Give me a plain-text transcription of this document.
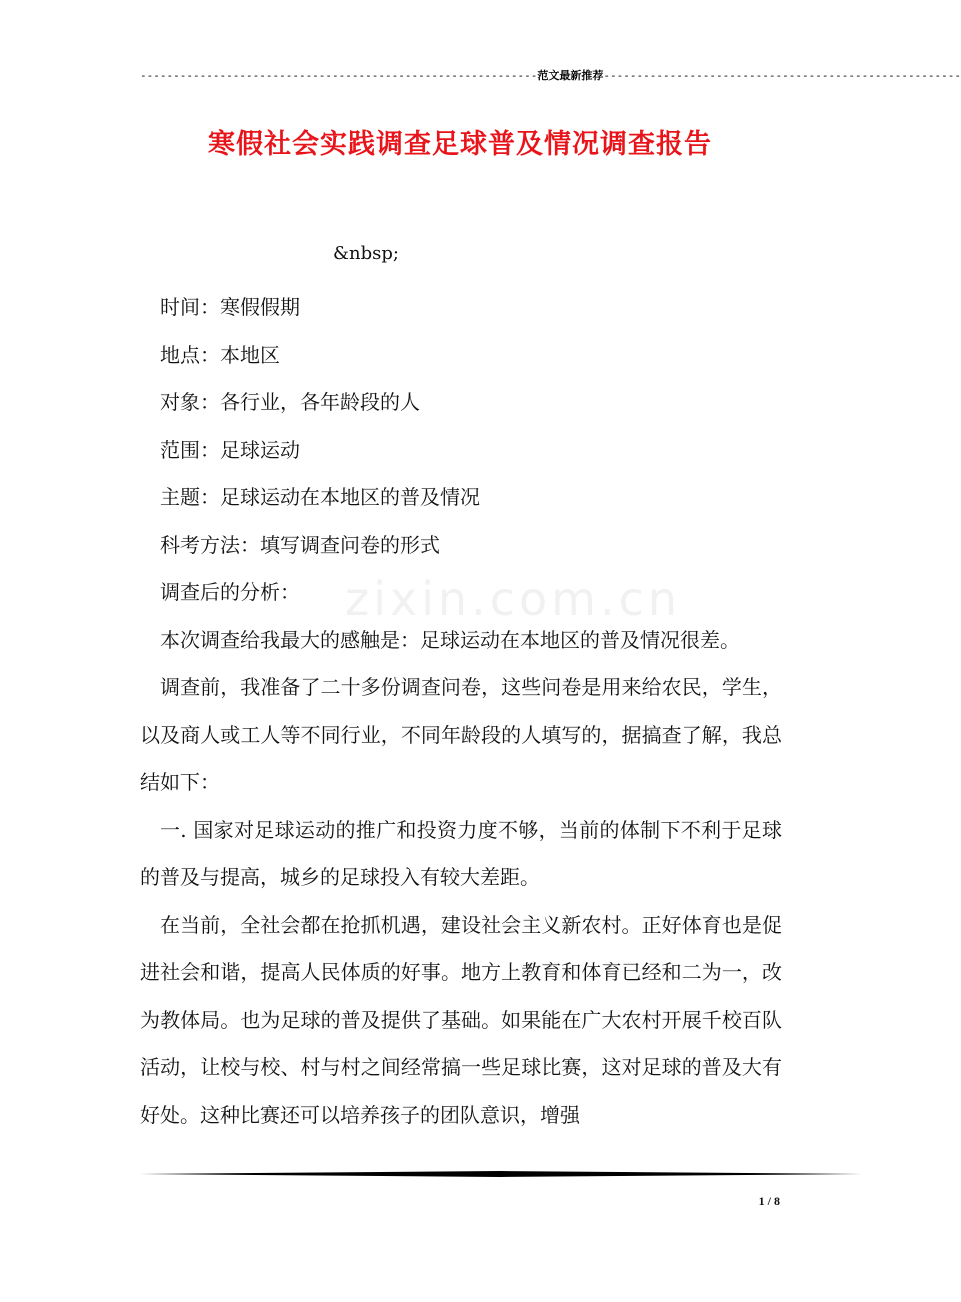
------------------------------------------------------------范文最新推荐------------------------------------------------------
寒假社会实践调查足球普及情况调查报告
&nbsp;
zixin.com.cn

时间：寒假假期

地点：本地区

对象：各行业，各年龄段的人

范围：足球运动

主题：足球运动在本地区的普及情况

科考方法：填写调查问卷的形式

调查后的分析：

本次调查给我最大的感触是：足球运动在本地区的普及情况很差。

调查前，我准备了二十多份调查问卷，这些问卷是用来给农民，学生，以及商人或工人等不同行业，不同年龄段的人填写的，据搞查了解，我总结如下：

一. 国家对足球运动的推广和投资力度不够，当前的体制下不利于足球的普及与提高，城乡的足球投入有较大差距。

在当前，全社会都在抢抓机遇，建设社会主义新农村。正好体育也是促进社会和谐，提高人民体质的好事。地方上教育和体育已经和二为一，改为教体局。也为足球的普及提供了基础。如果能在广大农村开展千校百队活动，让校与校、村与村之间经常搞一些足球比赛，这对足球的普及大有好处。这种比赛还可以培养孩子的团队意识，增强

1 / 8
